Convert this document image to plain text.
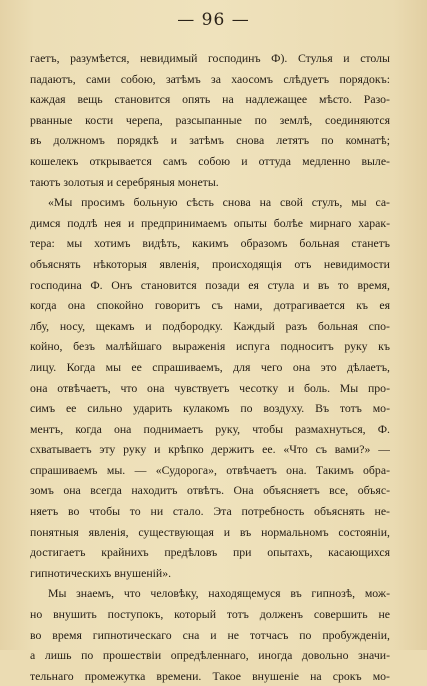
— 96 —
гаетъ, разумѣется, невидимый господинъ Ф). Стулья и столы
падаютъ, сами собою, затѣмъ за хаосомъ слѣдуетъ порядокъ:
каждая вещь становится опять на надлежащее мѣсто. Разо-
рванные кости черепа, разсыпанные по землѣ, соединяются
въ должномъ порядкѣ и затѣмъ снова летятъ по комнатѣ;
кошелекъ открывается самъ собою и оттуда медленно выле-
таютъ золотыя и серебряныя монеты.
«Мы просимъ больную сѣсть снова на свой стулъ, мы са-
димся подлѣ нея и предпринимаемъ опыты болѣе мирнаго харак-
тера: мы хотимъ видѣть, какимъ образомъ больная станетъ
объяснять нѣкоторыя явленія, происходящія отъ невидимости
господина Ф. Онъ становится позади ея стула и въ то время,
когда она спокойно говоритъ съ нами, дотрагивается къ ея
лбу, носу, щекамъ и подбородку. Каждый разъ больная спо-
койно, безъ малѣйшаго выраженія испуга подноситъ руку къ
лицу. Когда мы ее спрашиваемъ, для чего она это дѣлаетъ,
она отвѣчаетъ, что она чувствуетъ чесотку и боль. Мы про-
симъ ее сильно ударить кулакомъ по воздуху. Въ тотъ мо-
ментъ, когда она поднимаетъ руку, чтобы размахнуться, Ф.
схватываетъ эту руку и крѣпко держитъ ее. «Что съ вами?» —
спрашиваемъ мы. — «Судорога», отвѣчаетъ она. Такимъ обра-
зомъ она всегда находитъ отвѣтъ. Она объясняетъ все, объяс-
няетъ во чтобы то ни стало. Эта потребность объяснять не-
понятныя явленія, существующая и въ нормальномъ состояніи,
достигаетъ крайнихъ предѣловъ при опытахъ, касающихся
гипнотическихъ внушеній».
Мы знаемъ, что человѣку, находящемуся въ гипнозѣ, мож-
но внушить поступокъ, который тотъ долженъ совершить не
во время гипнотическаго сна и не тотчасъ по пробужденіи,
а лишь по прошествіи опредѣленнаго, иногда довольно значи-
тельнаго промежутка времени. Такое внушеніе на срокъ мо-
